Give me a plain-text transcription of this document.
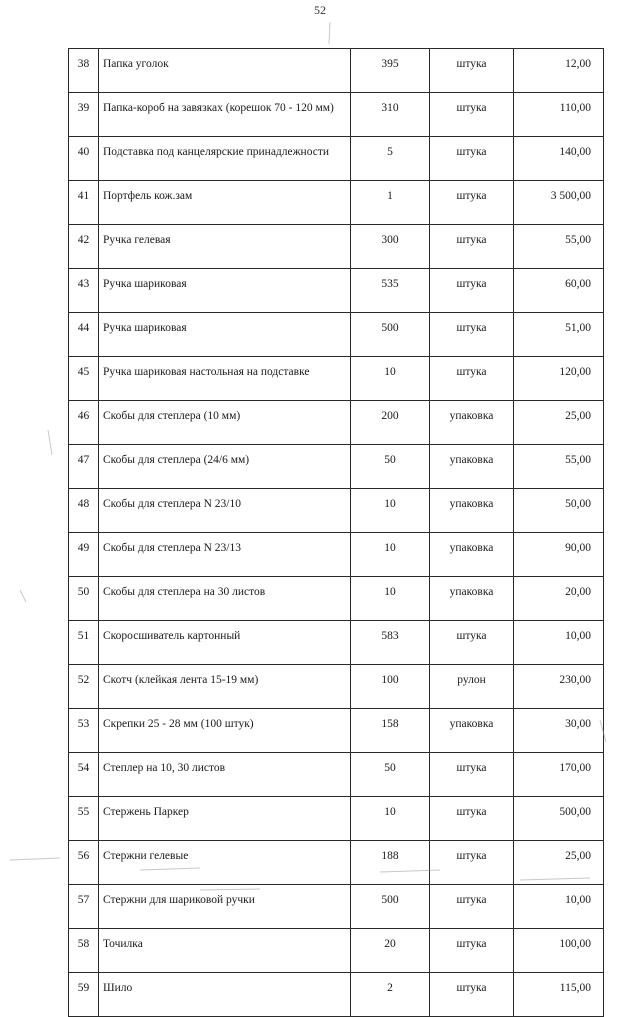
52
38	Папка уголок	395	штука	12,00
39	Папка-короб на завязках (корешок 70 - 120 мм)	310	штука	110,00
40	Подставка под канцелярские принадлежности	5	штука	140,00
41	Портфель кож.зам	1	штука	3 500,00
42	Ручка гелевая	300	штука	55,00
43	Ручка шариковая	535	штука	60,00
44	Ручка шариковая	500	штука	51,00
45	Ручка шариковая настольная на подставке	10	штука	120,00
46	Скобы для степлера (10 мм)	200	упаковка	25,00
47	Скобы для степлера (24/6 мм)	50	упаковка	55,00
48	Скобы для степлера N 23/10	10	упаковка	50,00
49	Скобы для степлера N 23/13	10	упаковка	90,00
50	Скобы для степлера на 30 листов	10	упаковка	20,00
51	Скоросшиватель картонный	583	штука	10,00
52	Скотч (клейкая лента 15-19 мм)	100	рулон	230,00
53	Скрепки 25 - 28 мм (100 штук)	158	упаковка	30,00
54	Степлер на 10, 30 листов	50	штука	170,00
55	Стержень Паркер	10	штука	500,00
56	Стержни гелевые	188	штука	25,00
57	Стержни для шариковой ручки	500	штука	10,00
58	Точилка	20	штука	100,00
59	Шило	2	штука	115,00
